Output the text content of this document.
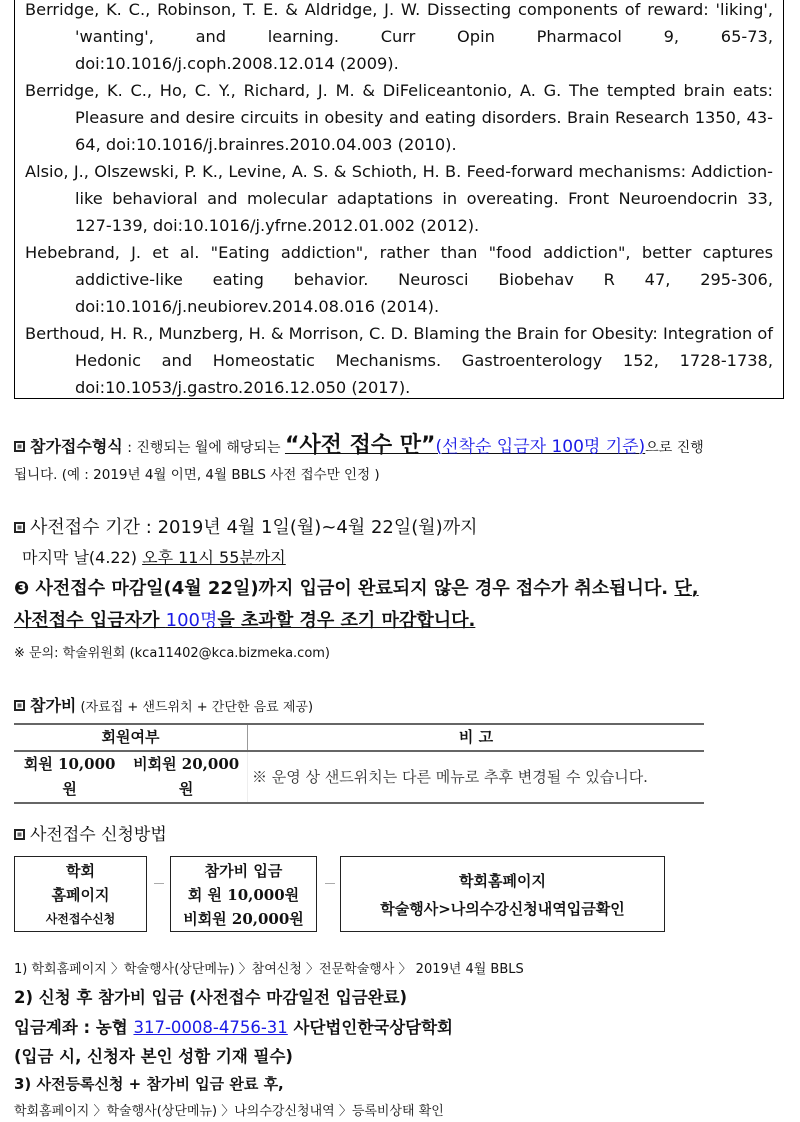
Berridge, K. C., Robinson, T. E. & Aldridge, J. W. Dissecting components of reward: 'liking', 'wanting', and learning. Curr Opin Pharmacol 9, 65-73, doi:10.1016/j.coph.2008.12.014 (2009).

Berridge, K. C., Ho, C. Y., Richard, J. M. & DiFeliceantonio, A. G. The tempted brain eats: Pleasure and desire circuits in obesity and eating disorders. Brain Research 1350, 43-64, doi:10.1016/j.brainres.2010.04.003 (2010).

Alsio, J., Olszewski, P. K., Levine, A. S. & Schioth, H. B. Feed-forward mechanisms: Addiction-like behavioral and molecular adaptations in overeating. Front Neuroendocrin 33, 127-139, doi:10.1016/j.yfrne.2012.01.002 (2012).

Hebebrand, J. et al. "Eating addiction", rather than "food addiction", better captures addictive-like eating behavior. Neurosci Biobehav R 47, 295-306, doi:10.1016/j.neubiorev.2014.08.016 (2014).

Berthoud, H. R., Munzberg, H. & Morrison, C. D. Blaming the Brain for Obesity: Integration of Hedonic and Homeostatic Mechanisms. Gastroenterology 152, 1728-1738, doi:10.1053/j.gastro.2016.12.050 (2017).

참가접수형식 : 진행되는 월에 해당되는 “사전 접수 만”(선착순 입금자 100명 기준)으로 진행
됩니다. (예 : 2019년 4월 이면, 4월 BBLS 사전 접수만 인정 )
사전접수 기간 : 2019년 4월 1일(월)~4월 22일(월)까지
마지막 날(4.22) 오후 11시 55분까지
❸ 사전접수 마감일(4월 22일)까지 입금이 완료되지 않은 경우 접수가 취소됩니다. 단,
사전접수 입금자가 100명을 초과할 경우 조기 마감합니다.
※ 문의: 학술위원회 (kca11402@kca.bizmeka.com)
참가비 (자료집 + 샌드위치 + 간단한 음료 제공)
회원여부		비 고
회원 10,000원	비회원 20,000원	※ 운영 상 샌드위치는 다른 메뉴로 추후 변경될 수 있습니다.
사전접수 신청방법
학회
홈페이지
사전접수신청
참가비 입금
회 원 10,000원
비회원 20,000원
학회홈페이지
학술행사>나의수강신청내역입금확인
1) 학회홈페이지 〉학술행사(상단메뉴) 〉참여신청 〉전문학술행사 〉 2019년 4월 BBLS
2) 신청 후 참가비 입금 (사전접수 마감일전 입금완료)
입금계좌 : 농협 317-0008-4756-31 사단법인한국상담학회
(입금 시, 신청자 본인 성함 기재 필수)
3) 사전등록신청 + 참가비 입금 완료 후,
학회홈페이지 〉학술행사(상단메뉴) 〉나의수강신청내역 〉등록비상태 확인
